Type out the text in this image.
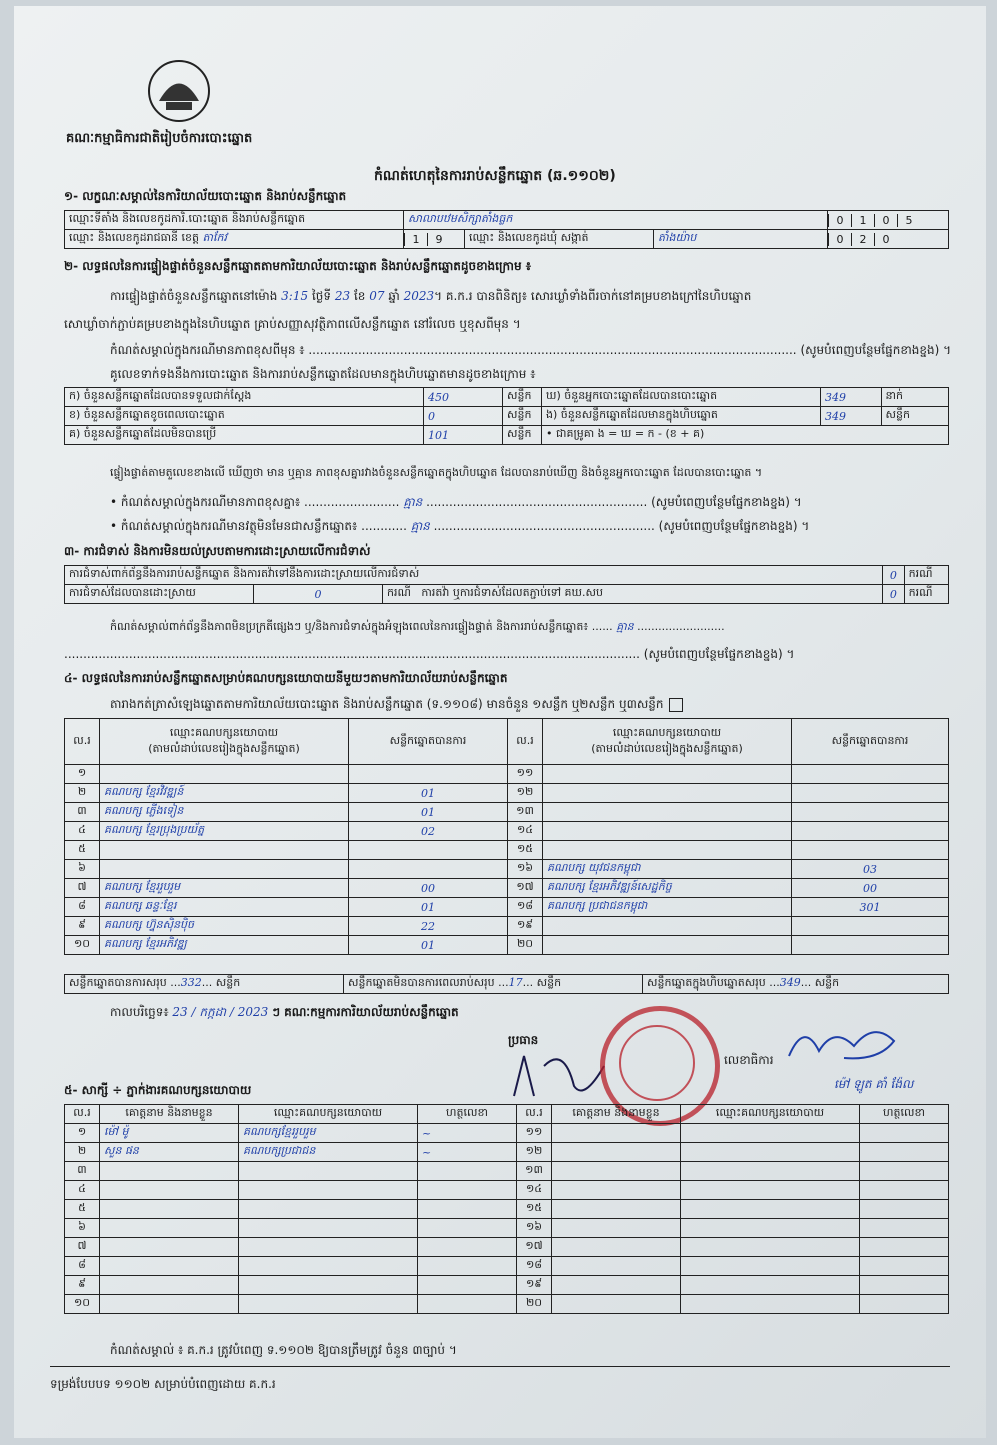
គណៈកម្មាធិការជាតិរៀបចំការបោះឆ្នោត
កំណត់ហេតុនៃការរាប់សន្លឹកឆ្នោត (ឆ.១១០២)
១- លក្ខណៈសម្គាល់នៃការិយាល័យបោះឆ្នោត និងរាប់សន្លឹកឆ្នោត
ឈ្មោះទីតាំង និងលេខកូដការិ.បោះឆ្នោត និងរាប់សន្លឹកឆ្នោត	សាលាបឋមសិក្សាតាំងធ្លក			0 1 0 5
ឈ្មោះ និងលេខកូដរាជធានី ខេត្ត តាកែវ	1 9	ឈ្មោះ និងលេខកូដឃុំ សង្កាត់	តាំងយ៉ាប	0 2 0
២- លទ្ធផលនៃការផ្ទៀងផ្ទាត់ចំនួនសន្លឹកឆ្នោតតាមការិយាល័យបោះឆ្នោត និងរាប់សន្លឹកឆ្នោតដូចខាងក្រោម ៖
ការផ្ទៀងផ្ទាត់ចំនួនសន្លឹកឆ្នោតនៅម៉ោង 3:15 ថ្ងៃទី 23 ខែ 07 ឆ្នាំ 2023។ គ.ក.រ បានពិនិត្យ៖ សោរឃ្លាំទាំងពីរចាក់នៅគម្របខាងក្រៅនៃហិបឆ្នោត
សោឃ្លាំចាក់ភ្ជាប់គម្របខាងក្នុងនៃហិបឆ្នោត គ្រាប់សញ្ញាសុវត្ថិភាពលើសន្លឹកឆ្នោត នៅរំលេច ឬខុសពីមុន ។
កំណត់សម្គាល់ក្នុងករណីមានភាពខុសពីមុន ៖ ................................................................................................................................ (សូមបំពេញបន្ថែមផ្នែកខាងខ្នង) ។
គូលេខទាក់ទងនឹងការបោះឆ្នោត និងការរាប់សន្លឹកឆ្នោតដែលមានក្នុងហិបឆ្នោតមានដូចខាងក្រោម ៖
ក) ចំនួនសន្លឹកឆ្នោតដែលបានទទួលជាក់ស្តែង	450	សន្លឹក	ឃ) ចំនួនអ្នកបោះឆ្នោតដែលបានបោះឆ្នោត	349	នាក់
ខ) ចំនួនសន្លឹកឆ្នោតខូចពេលបោះឆ្នោត	0	សន្លឹក	ង) ចំនួនសន្លឹកឆ្នោតដែលមានក្នុងហិបឆ្នោត	349	សន្លឹក
គ) ចំនួនសន្លឹកឆ្នោតដែលមិនបានប្រើ	101	សន្លឹក	• ជាគម្រូគា ង = ឃ = ក - (ខ + គ)		
ផ្ទៀងផ្ទាត់តាមតួលេខខាងលើ ឃើញថា មាន ឬគ្មាន ភាពខុសគ្នារវាងចំនួនសន្លឹកឆ្នោតក្នុងហិបឆ្នោត ដែលបានរាប់ឃើញ និងចំនួនអ្នកបោះឆ្នោត ដែលបានបោះឆ្នោត ។
• កំណត់សម្គាល់ក្នុងករណីមានភាពខុសគ្នា៖ ......................... គ្មាន .......................................................... (សូមបំពេញបន្ថែមផ្នែកខាងខ្នង) ។
• កំណត់សម្គាល់ក្នុងករណីមានវត្ថុមិនមែនជាសន្លឹកឆ្នោត៖ ............ គ្មាន .......................................................... (សូមបំពេញបន្ថែមផ្នែកខាងខ្នង) ។
៣- ការជំទាស់ និងការមិនយល់ស្របតាមការដោះស្រាយលើការជំទាស់
ការជំទាស់ពាក់ព័ន្ធនឹងការរាប់សន្លឹកឆ្នោត និងការតវ៉ាទៅនឹងការដោះស្រាយលើការជំទាស់			0	ករណី
ការជំទាស់ដែលបានដោះស្រាយ	0	ករណី ការតវ៉ា ឬការជំទាស់ដែលតភ្ជាប់ទៅ គឃ.សប	0	ករណី
កំណត់សម្គាល់ពាក់ព័ន្ធនឹងភាពមិនប្រក្រតីផ្សេងៗ ឬ/និងការជំទាស់ក្នុងអំឡុងពេលនៃការផ្ទៀងផ្ទាត់ និងការរាប់សន្លឹកឆ្នោត៖ ...... គ្មាន .........................
....................................................................................................................................................... (សូមបំពេញបន្ថែមផ្នែកខាងខ្នង) ។
៤- លទ្ធផលនៃការរាប់សន្លឹកឆ្នោតសម្រាប់គណបក្សនយោបាយនីមួយៗតាមការិយាល័យរាប់សន្លឹកឆ្នោត
តារាងកត់ត្រាសំឡេងឆ្នោតតាមការិយាល័យបោះឆ្នោត និងរាប់សន្លឹកឆ្នោត (ទ.១១០៨) មានចំនួន ១សន្លឹក ឬ២សន្លឹក ឬ៣សន្លឹក
ល.រ	ឈ្មោះគណបក្សនយោបាយ
(តាមលំដាប់លេខរៀងក្នុងសន្លឹកឆ្នោត)	សន្លឹកឆ្នោតបានការ	ល.រ	ឈ្មោះគណបក្សនយោបាយ
(តាមលំដាប់លេខរៀងក្នុងសន្លឹកឆ្នោត)	សន្លឹកឆ្នោតបានការ
១			១១		
២	គណបក្ស ខ្មែរវិវឌ្ឍន៍	01	១២		
៣	គណបក្ស ភ្លើងទៀន	01	១៣		
៤	គណបក្ស ខ្មែរប្រុងប្រយ័ត្ន	02	១៤		
៥			១៥		
៦			១៦	គណបក្ស យុវជនកម្ពុជា	03
៧	គណបក្ស ខ្មែររួបរួម	00	១៧	គណបក្ស ខ្មែរអភិវឌ្ឍន៍សេដ្ឋកិច្ច	00
៨	គណបក្ស ឆន្ទៈខ្មែរ	01	១៨	គណបក្ស ប្រជាជនកម្ពុជា	301
៩	គណបក្ស ហ្វ៊ុនស៊ិនប៉ិច	22	១៩		
១០	គណបក្ស ខ្មែរអភិវឌ្ឍ	01	២០		
សន្លឹកឆ្នោតបានការសរុប ...332... សន្លឹក	សន្លឹកឆ្នោតមិនបានការពេលរាប់សរុប ...17... សន្លឹក	សន្លឹកឆ្នោតក្នុងហិបឆ្នោតសរុប ...349... សន្លឹក
កាលបរិច្ឆេទ៖ 23 / កក្កដា / 2023 ៗ គណៈកម្មការការិយាល័យរាប់សន្លឹកឆ្នោត
ប្រធាន
លេខាធិការ
ម៉ៅ ឡូត គាំ ង៉ែល
៥- សាក្សី ÷ ភ្នាក់ងារគណបក្សនយោបាយ
ល.រ	គោត្តនាម និងនាមខ្លួន	ឈ្មោះគណបក្សនយោបាយ	ហត្ថលេខា	ល.រ	គោត្តនាម និងនាមខ្លួន	ឈ្មោះគណបក្សនយោបាយ	ហត្ថលេខា
១	ម៉ៅ ម៉ូ	គណបក្សខ្មែររួបរួម	~	១១			
២	សួន ផន	គណបក្សប្រជាជន	~	១២			
៣				១៣			
៤				១៤			
៥				១៥			
៦				១៦			
៧				១៧			
៨				១៨			
៩				១៩			
១០				២០			
កំណត់សម្គាល់ ៖ គ.ក.រ ត្រូវបំពេញ ទ.១១០២ ឱ្យបានត្រឹមត្រូវ ចំនួន ៣ច្បាប់ ។
ទម្រង់បែបបទ ១១០២ សម្រាប់បំពេញដោយ គ.ក.រ
